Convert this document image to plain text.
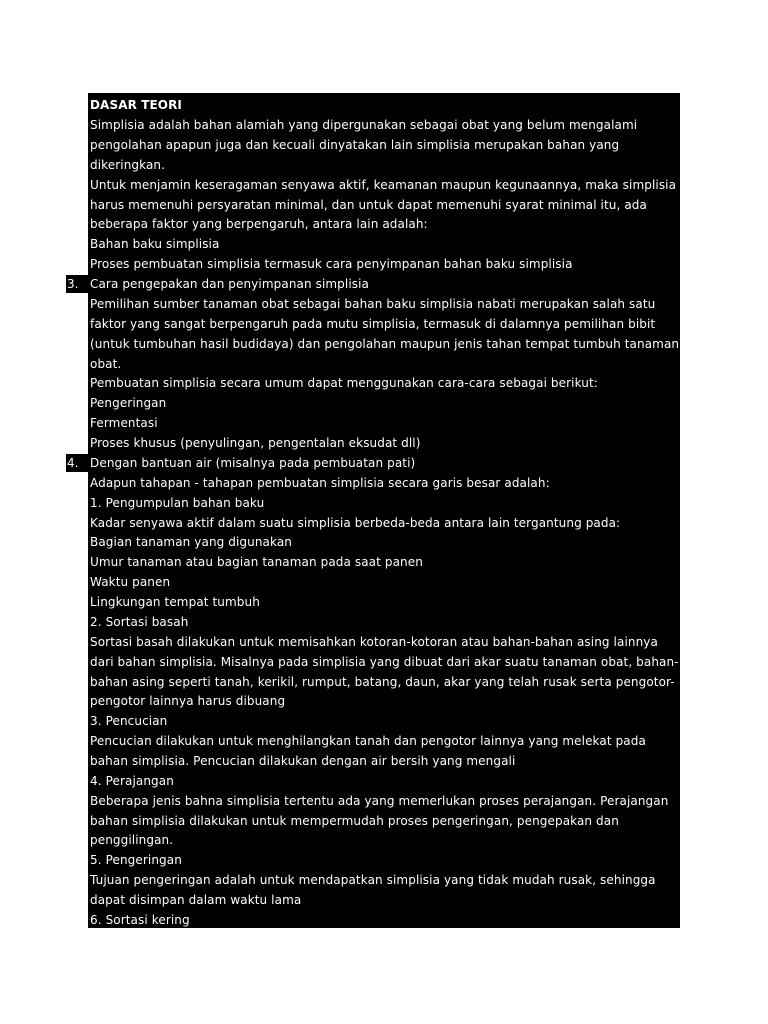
DASAR TEORI
Simplisia adalah bahan alamiah yang dipergunakan sebagai obat yang belum mengalami
pengolahan apapun juga dan kecuali dinyatakan lain simplisia merupakan bahan yang
dikeringkan.
Untuk menjamin keseragaman senyawa aktif, keamanan maupun kegunaannya, maka simplisia
harus memenuhi persyaratan minimal, dan untuk dapat memenuhi syarat minimal itu, ada
beberapa faktor yang berpengaruh, antara lain adalah:
1. Bahan baku simplisia
2. Proses pembuatan simplisia termasuk cara penyimpanan bahan baku simplisia
3. Cara pengepakan dan penyimpanan simplisia
Pemilihan sumber tanaman obat sebagai bahan baku simplisia nabati merupakan salah satu
faktor yang sangat berpengaruh pada mutu simplisia, termasuk di dalamnya pemilihan bibit
(untuk tumbuhan hasil budidaya) dan pengolahan maupun jenis tahan tempat tumbuh tanaman
obat.
Pembuatan simplisia secara umum dapat menggunakan cara-cara sebagai berikut:
1. Pengeringan
2. Fermentasi
3. Proses khusus (penyulingan, pengentalan eksudat dll)
4. Dengan bantuan air (misalnya pada pembuatan pati)
Adapun tahapan - tahapan pembuatan simplisia secara garis besar adalah:
1. Pengumpulan bahan baku
Kadar senyawa aktif dalam suatu simplisia berbeda-beda antara lain tergantung pada:
Bagian tanaman yang digunakan
Umur tanaman atau bagian tanaman pada saat panen
Waktu panen
Lingkungan tempat tumbuh
2. Sortasi basah
Sortasi basah dilakukan untuk memisahkan kotoran-kotoran atau bahan-bahan asing lainnya
dari bahan simplisia. Misalnya pada simplisia yang dibuat dari akar suatu tanaman obat, bahan-
bahan asing seperti tanah, kerikil, rumput, batang, daun, akar yang telah rusak serta pengotor-
pengotor lainnya harus dibuang
3. Pencucian
Pencucian dilakukan untuk menghilangkan tanah dan pengotor lainnya yang melekat pada
bahan simplisia. Pencucian dilakukan dengan air bersih yang mengali
4. Perajangan
Beberapa jenis bahna simplisia tertentu ada yang memerlukan proses perajangan. Perajangan
bahan simplisia dilakukan untuk mempermudah proses pengeringan, pengepakan dan
penggilingan.
5. Pengeringan
Tujuan pengeringan adalah untuk mendapatkan simplisia yang tidak mudah rusak, sehingga
dapat disimpan dalam waktu lama
6. Sortasi kering
